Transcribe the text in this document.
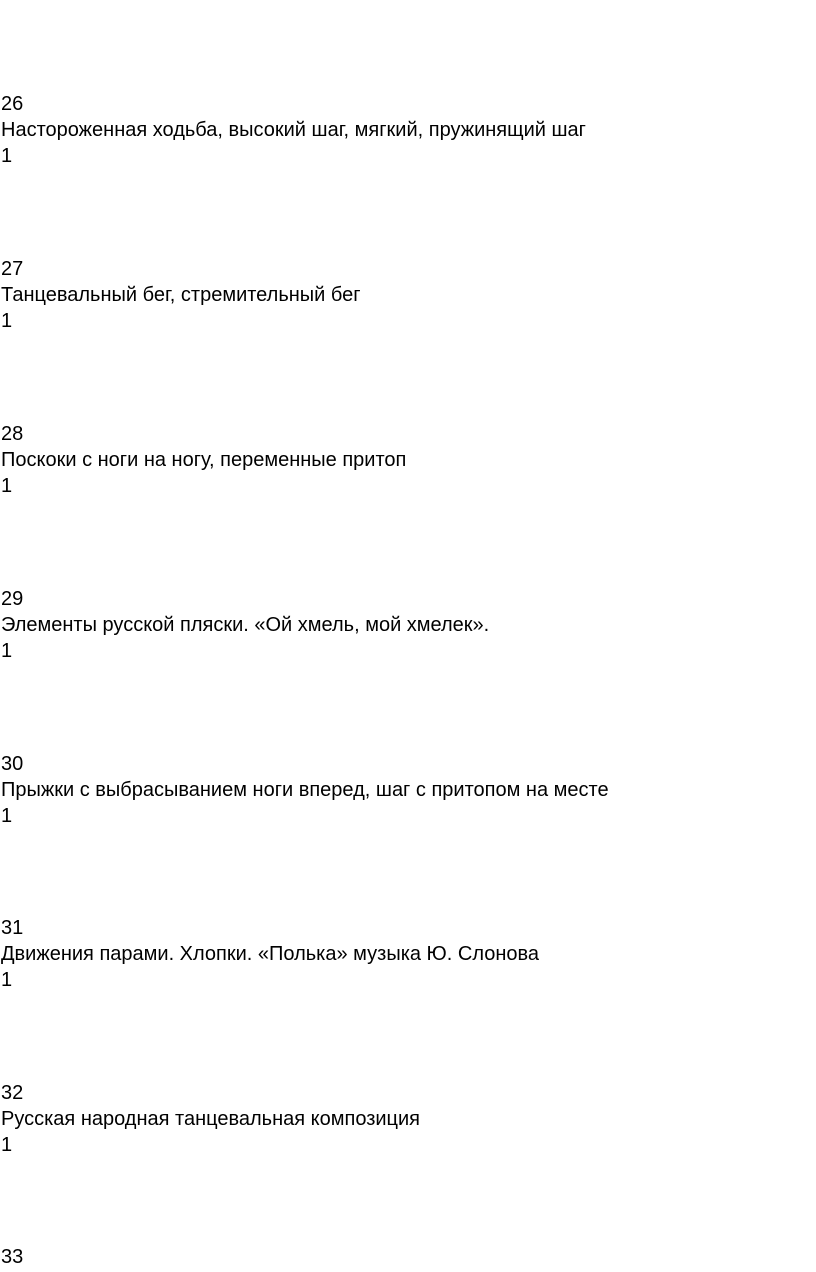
26
Настороженная ходьба, высокий шаг, мягкий, пружинящий шаг
1
27
Танцевальный бег, стремительный бег
1
28
Поскоки с ноги на ногу, переменные притоп
1
29
Элементы русской пляски. «Ой хмель, мой хмелек».
1
30
Прыжки с выбрасыванием ноги вперед, шаг с притопом на месте
1
31
Движения парами. Хлопки. «Полька» музыка Ю. Слонова
1
32
Русская народная танцевальная композиция
1
33
